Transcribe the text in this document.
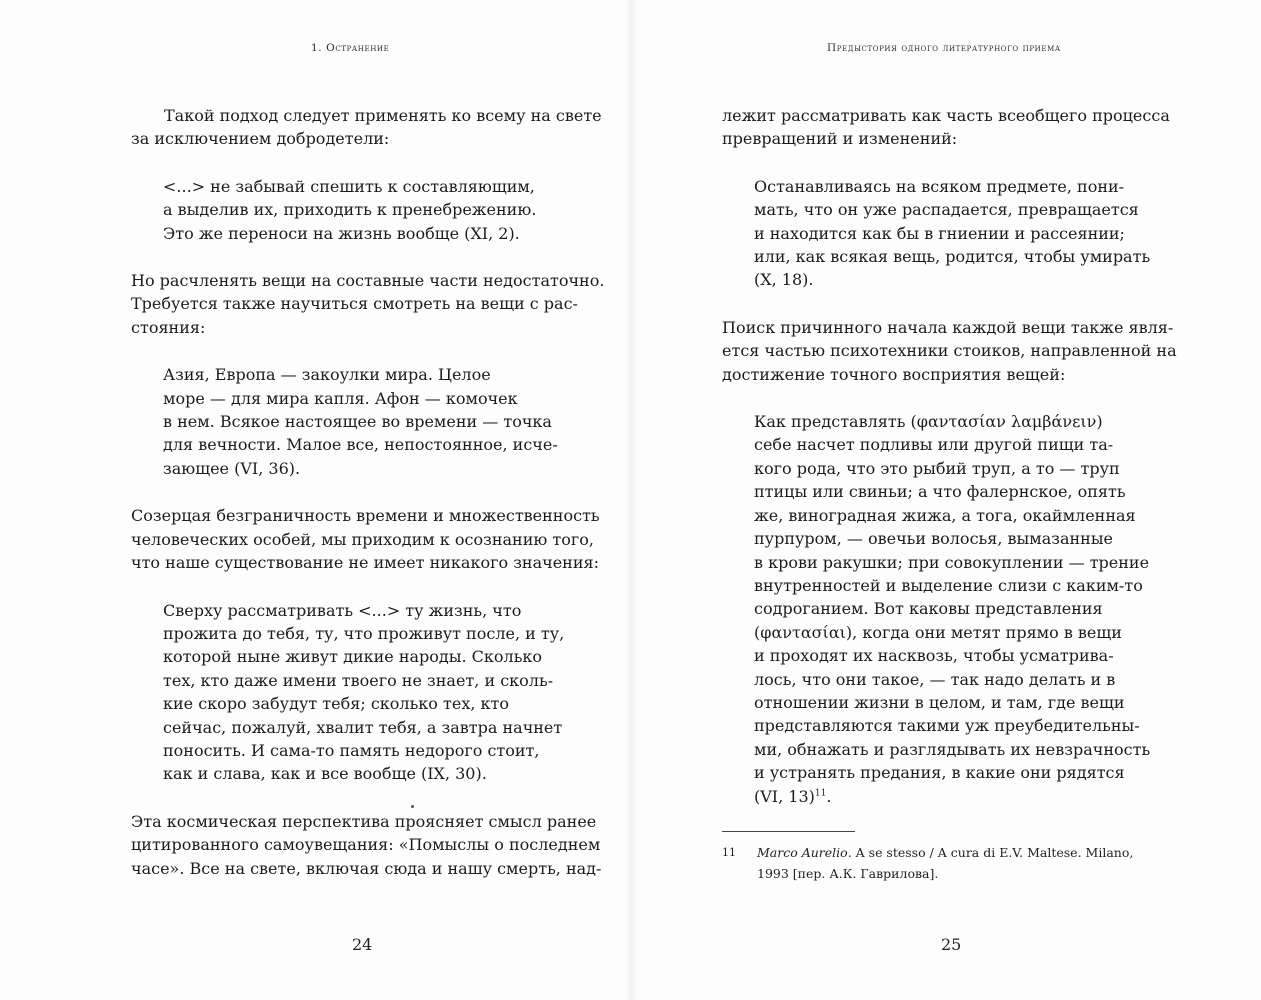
1. Остранение
Такой подход следует применять ко всему на свете
за исключением добродетели:
<...> не забывай спешить к составляющим,
а выделив их, приходить к пренебрежению.
Это же переноси на жизнь вообще (XI, 2).
Но расчленять вещи на составные части недостаточно.
Требуется также научиться смотреть на вещи с рас-
стояния:
Азия, Европа — закоулки мира. Целое
море — для мира капля. Афон — комочек
в нем. Всякое настоящее во времени — точка
для вечности. Малое все, непостоянное, исче-
зающее (VI, 36).
Созерцая безграничность времени и множественность
человеческих особей, мы приходим к осознанию того,
что наше существование не имеет никакого значения:
Сверху рассматривать <...> ту жизнь, что
прожита до тебя, ту, что проживут после, и ту,
которой ныне живут дикие народы. Сколько
тех, кто даже имени твоего не знает, и сколь-
кие скоро забудут тебя; сколько тех, кто
сейчас, пожалуй, хвалит тебя, а завтра начнет
поносить. И сама-то память недорого стоит,
как и слава, как и все вообще (IX, 30).
Эта космическая перспектива проясняет смысл ранее
цитированного самоувещания: «Помыслы о последнем
часе». Все на свете, включая сюда и нашу смерть, над-
24
Предыстория одного литературного приема
лежит рассматривать как часть всеобщего процесса
превращений и изменений:
Останавливаясь на всяком предмете, пони-
мать, что он уже распадается, превращается
и находится как бы в гниении и рассеянии;
или, как всякая вещь, родится, чтобы умирать
(X, 18).
Поиск причинного начала каждой вещи также явля-
ется частью психотехники стоиков, направленной на
достижение точного восприятия вещей:
Как представлять (φαντασίαν λαμβάνειν)
себе насчет подливы или другой пищи та-
кого рода, что это рыбий труп, а то — труп
птицы или свиньи; а что фалернское, опять
же, виноградная жижа, а тога, окаймленная
пурпуром, — овечьи волосья, вымазанные
в крови ракушки; при совокуплении — трение
внутренностей и выделение слизи с каким-то
содроганием. Вот каковы представления
(φαντασίαι), когда они метят прямо в вещи
и проходят их насквозь, чтобы усматрива-
лось, что они такое, — так надо делать и в
отношении жизни в целом, и там, где вещи
представляются такими уж преубедительны-
ми, обнажать и разглядывать их невзрачность
и устранять предания, в какие они рядятся
(VI, 13)$^{11}$.
11 Marco Aurelio. A se stesso / A cura di E.V. Maltese. Milano,
1993 [пер. А.К. Гаврилова].
25
